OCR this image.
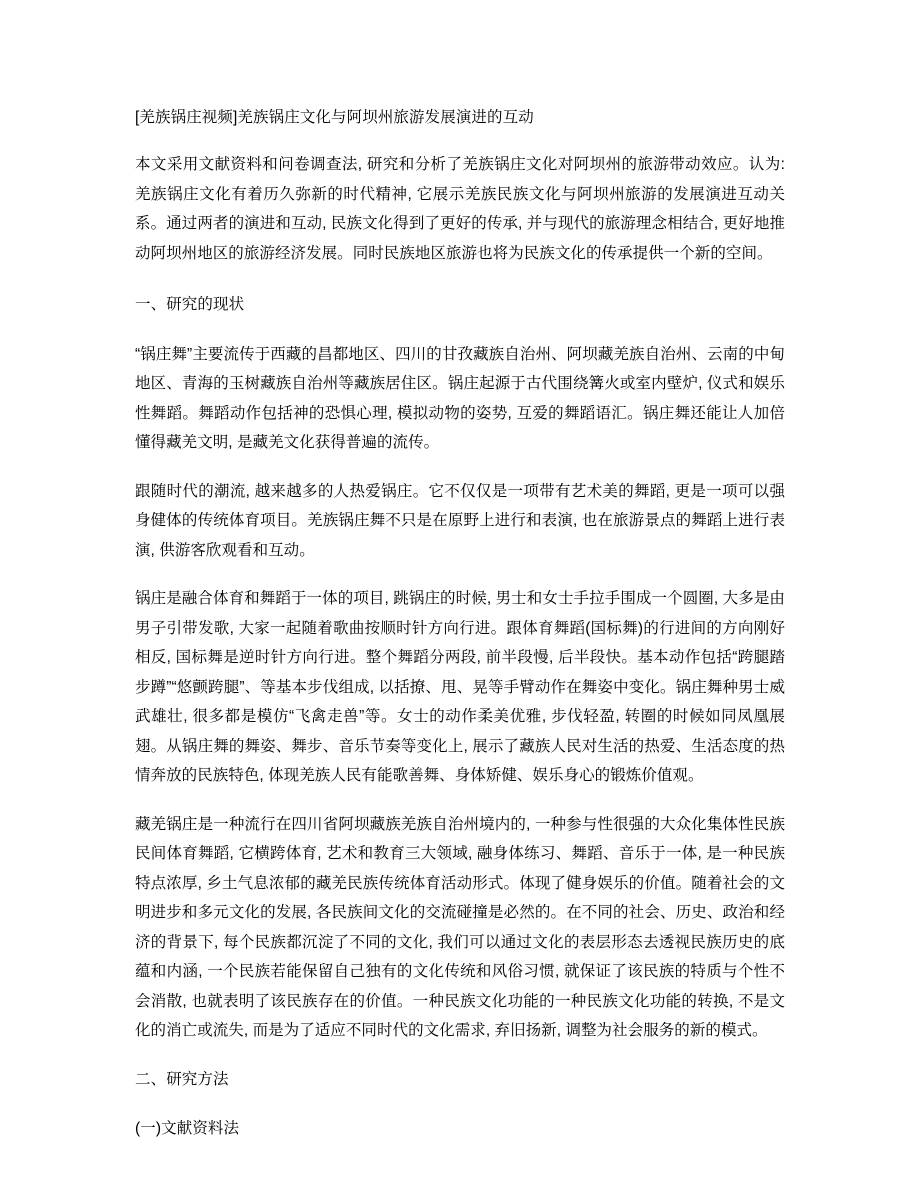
[羌族锅庄视频]羌族锅庄文化与阿坝州旅游发展演进的互动

本文采用文献资料和问卷调查法, 研究和分析了羌族锅庄文化对阿坝州的旅游带动效应。认为:羌族锅庄文化有着历久弥新的时代精神, 它展示羌族民族文化与阿坝州旅游的发展演进互动关系。通过两者的演进和互动, 民族文化得到了更好的传承, 并与现代的旅游理念相结合, 更好地推动阿坝州地区的旅游经济发展。同时民族地区旅游也将为民族文化的传承提供一个新的空间。

一、研究的现状

“锅庄舞”主要流传于西藏的昌都地区、四川的甘孜藏族自治州、阿坝藏羌族自治州、云南的中甸地区、青海的玉树藏族自治州等藏族居住区。锅庄起源于古代围绕篝火或室内壁炉, 仪式和娱乐性舞蹈。舞蹈动作包括神的恐惧心理, 模拟动物的姿势, 互爱的舞蹈语汇。锅庄舞还能让人加倍懂得藏羌文明, 是藏羌文化获得普遍的流传。

跟随时代的潮流, 越来越多的人热爱锅庄。它不仅仅是一项带有艺术美的舞蹈, 更是一项可以强身健体的传统体育项目。羌族锅庄舞不只是在原野上进行和表演, 也在旅游景点的舞蹈上进行表演, 供游客欣观看和互动。

锅庄是融合体育和舞蹈于一体的项目, 跳锅庄的时候, 男士和女士手拉手围成一个圆圈, 大多是由男子引带发歌, 大家一起随着歌曲按顺时针方向行进。跟体育舞蹈(国标舞)的行进间的方向刚好相反, 国标舞是逆时针方向行进。整个舞蹈分两段, 前半段慢, 后半段快。基本动作包括“跨腿踏步蹲”“悠颤跨腿”、等基本步伐组成, 以括撩、甩、晃等手臂动作在舞姿中变化。锅庄舞种男士威武雄壮, 很多都是模仿“飞禽走兽”等。女士的动作柔美优雅, 步伐轻盈, 转圈的时候如同凤凰展翅。从锅庄舞的舞姿、舞步、音乐节奏等变化上, 展示了藏族人民对生活的热爱、生活态度的热情奔放的民族特色, 体现羌族人民有能歌善舞、身体矫健、娱乐身心的锻炼价值观。

藏羌锅庄是一种流行在四川省阿坝藏族羌族自治州境内的, 一种参与性很强的大众化集体性民族民间体育舞蹈, 它横跨体育, 艺术和教育三大领域, 融身体练习、舞蹈、音乐于一体, 是一种民族特点浓厚, 乡土气息浓郁的藏羌民族传统体育活动形式。体现了健身娱乐的价值。随着社会的文明进步和多元文化的发展, 各民族间文化的交流碰撞是必然的。在不同的社会、历史、政治和经济的背景下, 每个民族都沉淀了不同的文化, 我们可以通过文化的表层形态去透视民族历史的底蕴和内涵, 一个民族若能保留自己独有的文化传统和风俗习惯, 就保证了该民族的特质与个性不会消散, 也就表明了该民族存在的价值。一种民族文化功能的一种民族文化功能的转换, 不是文化的消亡或流失, 而是为了适应不同时代的文化需求, 弃旧扬新, 调整为社会服务的新的模式。

二、研究方法
(一)文献资料法
